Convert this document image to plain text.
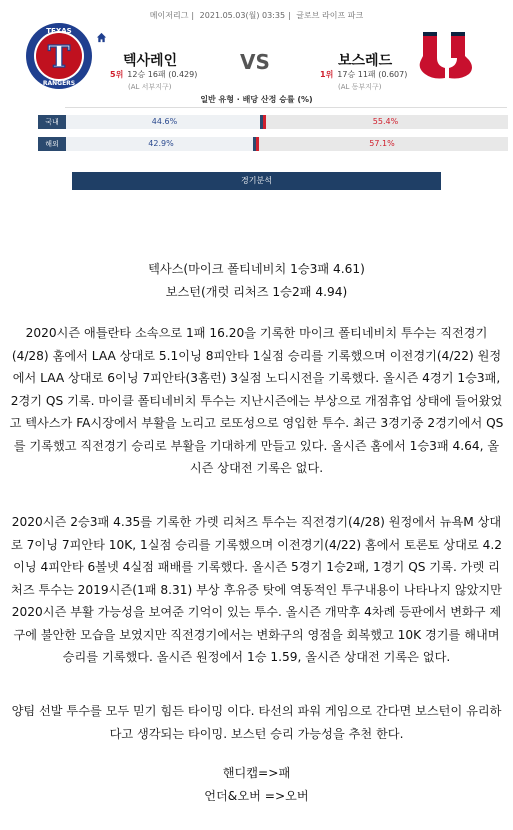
메이저리그 | 2021.05.03(월) 03:35 | 글로브 라이프 파크
T
TEXAS
RANGERS
텍사레인
5위 12승 16패 (0.429)
(AL 서부지구)
VS	보스레드
1위 17승 11패 (0.607)
(AL 동부지구)
일반 유형 · 배당 산정 승률 (%)
국내	44.6%	55.4%
해외	42.9%	57.1%
경기분석
텍사스(마이크 폴티네비치 1승3패 4.61)
보스턴(개럿 리처즈 1승2패 4.94)
2020시즌 애틀란타 소속으로 1패 16.20을 기록한 마이크 폴티네비치 투수는 직전경기(4/28) 홈에서 LAA 상대로 5.1이닝 8피안타 1실점 승리를 기록했으며 이전경기(4/22) 원정에서 LAA 상대로 6이닝 7피안타(3홈런) 3실점 노디시전을 기록했다. 올시즌 4경기 1승3패, 2경기 QS 기록. 마이클 폴티네비치 투수는 지난시즌에는 부상으로 개점휴업 상태에 들어왔었고 텍사스가 FA시장에서 부활을 노리고 로또성으로 영입한 투수. 최근 3경기중 2경기에서 QS를 기록했고 직전경기 승리로 부활을 기대하게 만들고 있다. 올시즌 홈에서 1승3패 4.64, 올시즌 상대전 기록은 없다.
2020시즌 2승3패 4.35를 기록한 가렛 리처즈 투수는 직전경기(4/28) 원정에서 뉴욕M 상대로 7이닝 7피안타 10K, 1실점 승리를 기록했으며 이전경기(4/22) 홈에서 토론토 상대로 4.2이닝 4피안타 6볼넷 4실점 패배를 기록했다. 올시즌 5경기 1승2패, 1경기 QS 기록. 가렛 리처즈 투수는 2019시즌(1패 8.31) 부상 후유증 탓에 역동적인 투구내용이 나타나지 않았지만 2020시즌 부활 가능성을 보여준 기억이 있는 투수. 올시즌 개막후 4차례 등판에서 변화구 제구에 불안한 모습을 보였지만 직전경기에서는 변화구의 영점을 회복했고 10K 경기를 해내며 승리를 기록했다. 올시즌 원정에서 1승 1.59, 올시즌 상대전 기록은 없다.
양팀 선발 투수를 모두 믿기 힘든 타이밍 이다. 타선의 파워 게임으로 간다면 보스턴이 유리하다고 생각되는 타이밍. 보스턴 승리 가능성을 추천 한다.
핸디캡=>패
언더&오버 =>오버
